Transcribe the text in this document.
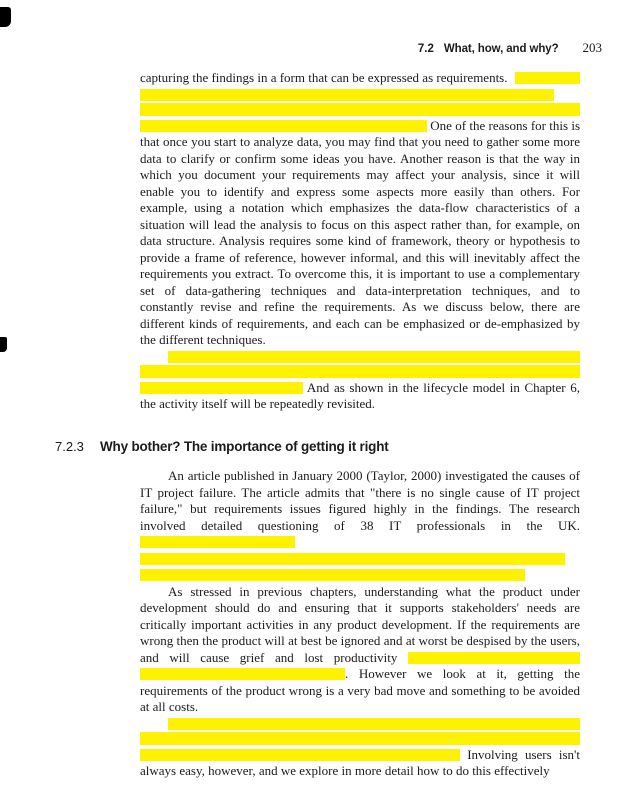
7.2 What, how, and why? 203
capturing the findings in a form that can be expressed as requirements.

One of the reasons for this is that once you start to analyze data, you may find that you need to gather some more data to clarify or confirm some ideas you have. Another reason is that the way in which you document your requirements may affect your analysis, since it will enable you to identify and express some aspects more easily than others. For example, using a notation which emphasizes the data-flow characteristics of a situation will lead the analysis to focus on this aspect rather than, for example, on data structure. Analysis requires some kind of framework, theory or hypothesis to provide a frame of reference, however informal, and this will inevitably affect the requirements you extract. To overcome this, it is important to use a complementary set of data-gathering techniques and data-interpretation techniques, and to constantly revise and refine the requirements. As we discuss below, there are different kinds of requirements, and each can be emphasized or de-emphasized by the different techniques.

And as shown in the lifecycle model in Chapter 6, the activity itself will be repeatedly revisited.

7.2.3	Why bother? The importance of getting it right

An article published in January 2000 (Taylor, 2000) investigated the causes of IT project failure. The article admits that "there is no single cause of IT project failure," but requirements issues figured highly in the findings. The research involved detailed questioning of 38 IT professionals in the UK.

As stressed in previous chapters, understanding what the product under development should do and ensuring that it supports stakeholders' needs are critically important activities in any product development. If the requirements are wrong then the product will at best be ignored and at worst be despised by the users, and will cause grief and lost productivity . However we look at it, getting the requirements of the product wrong is a very bad move and something to be avoided at all costs.

Involving users isn't always easy, however, and we explore in more detail how to do this effectively
